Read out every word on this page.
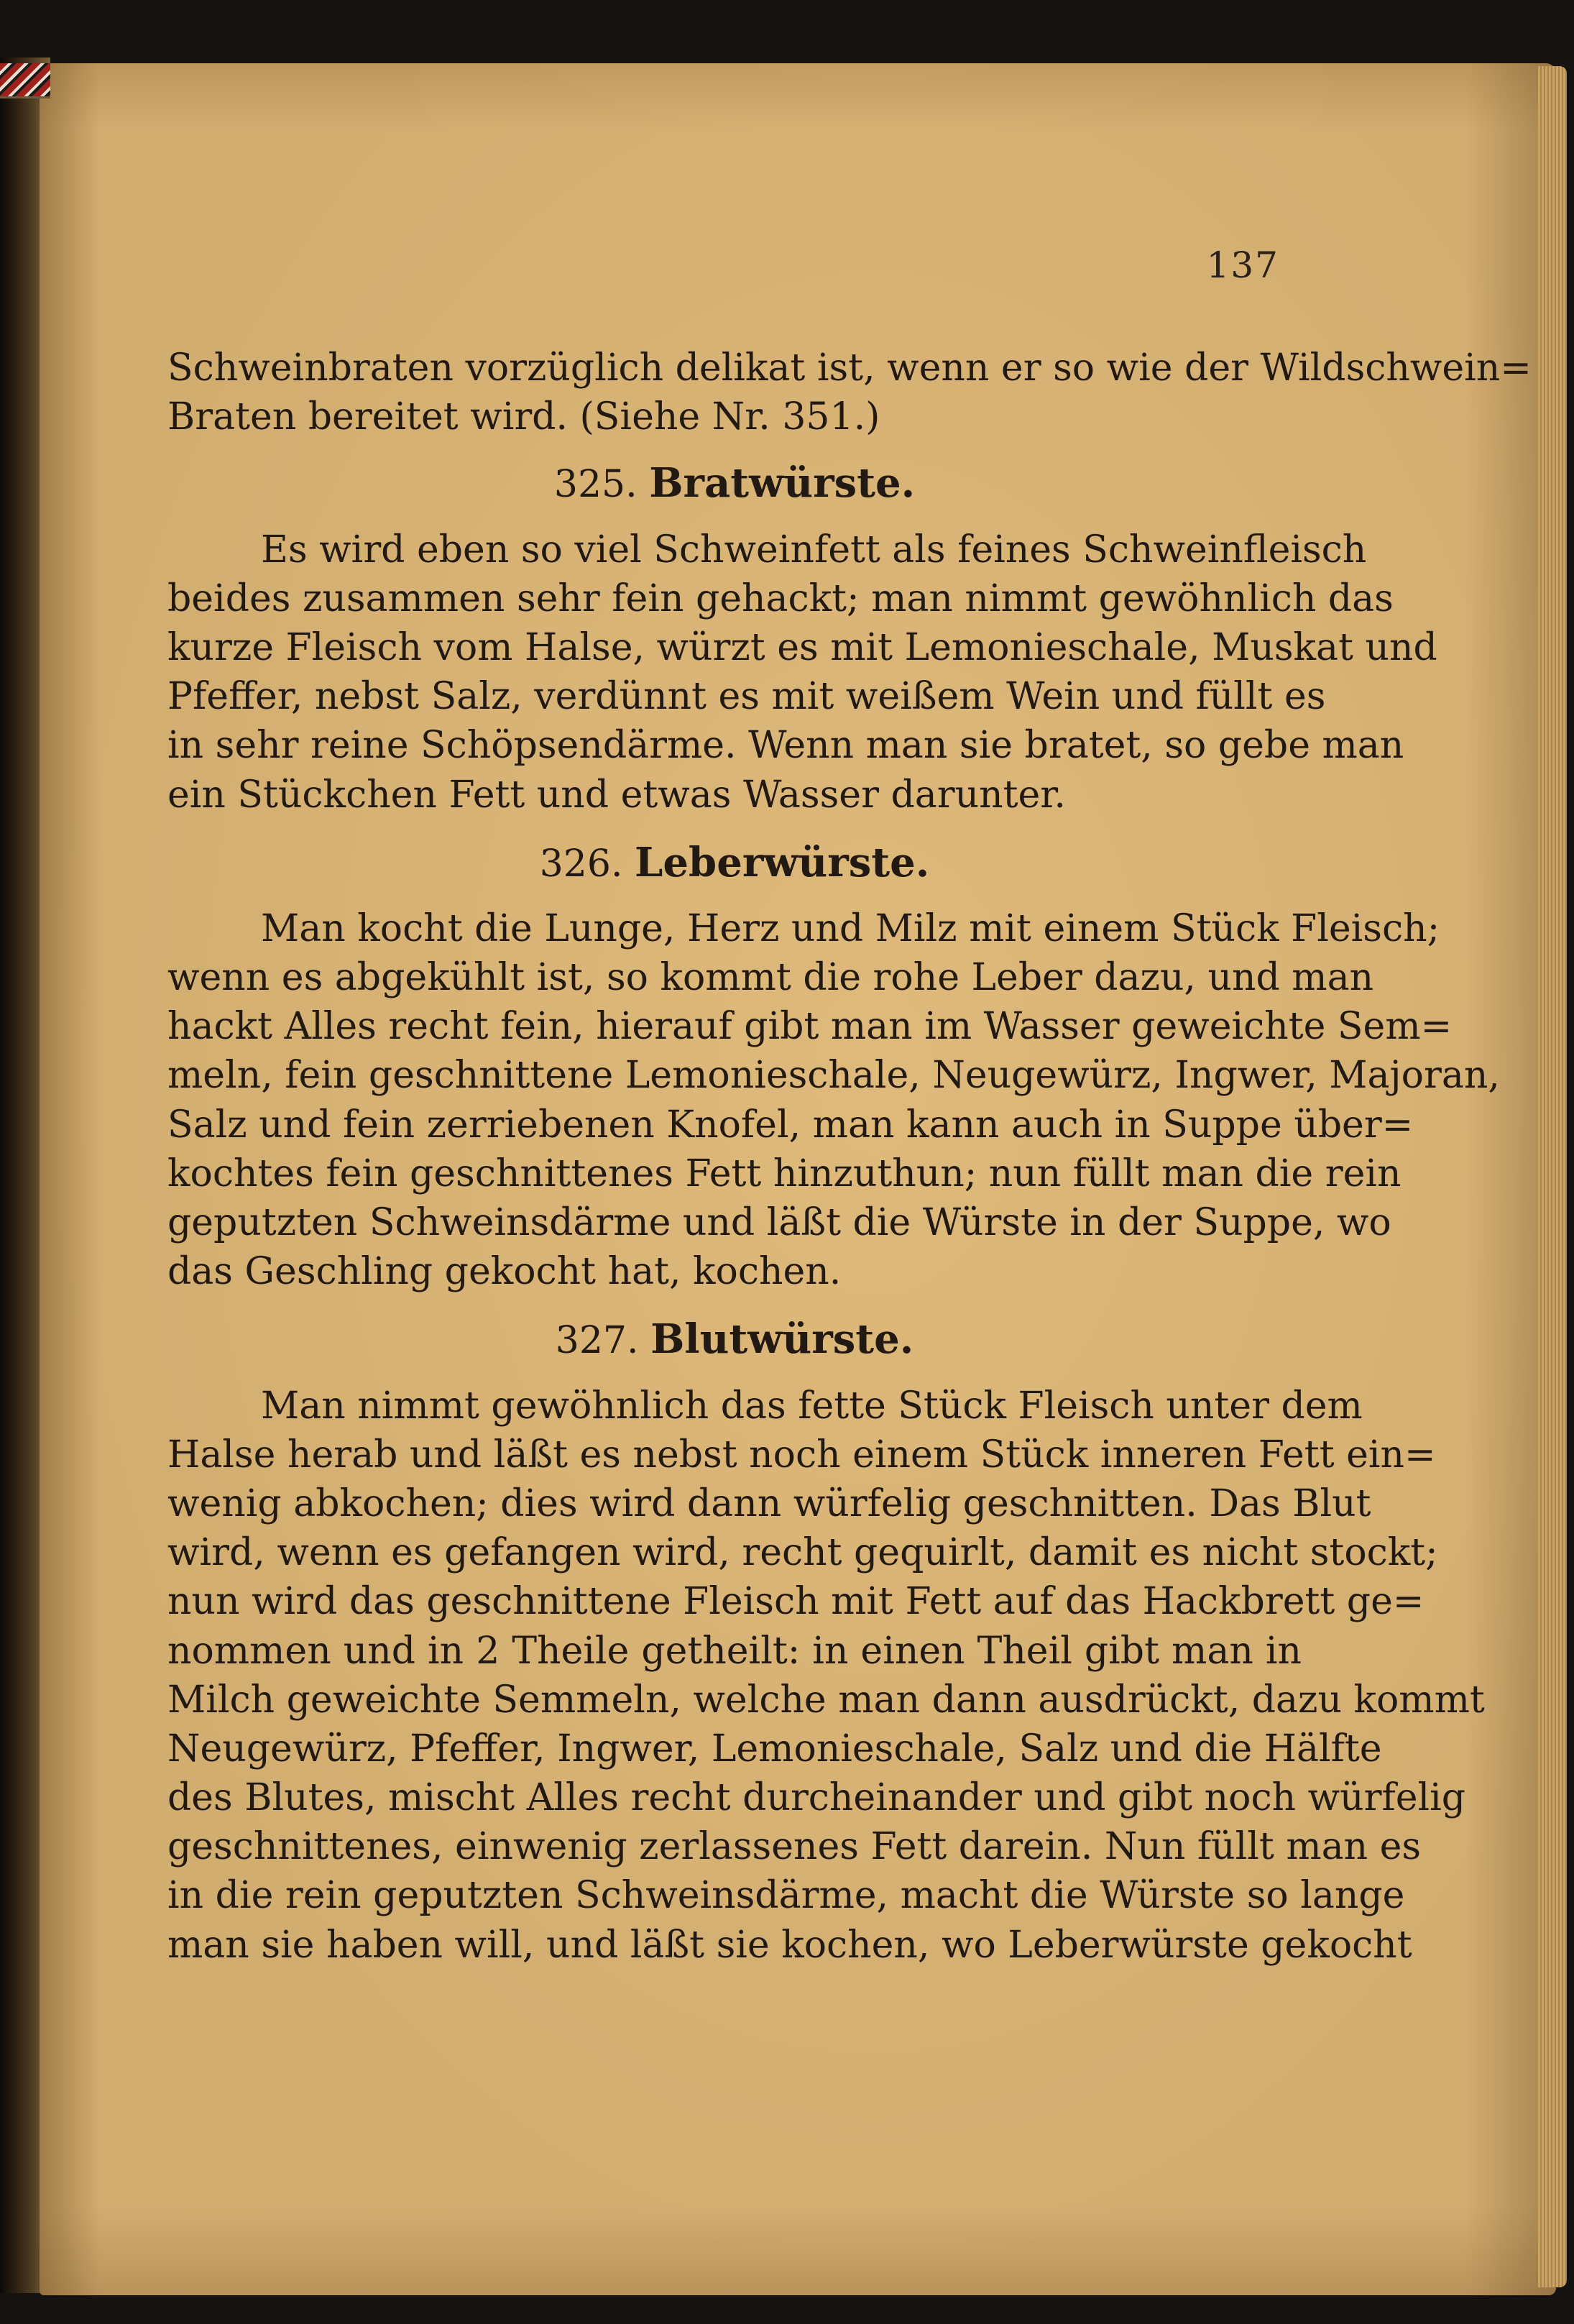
137
Schweinbraten vorzüglich delikat ist, wenn er so wie der Wildschwein=
Braten bereitet wird. (Siehe Nr. 351.)
325. Bratwürste.
Es wird eben so viel Schweinfett als feines Schweinfleisch
beides zusammen sehr fein gehackt; man nimmt gewöhnlich das
kurze Fleisch vom Halse, würzt es mit Lemonieschale, Muskat und
Pfeffer, nebst Salz, verdünnt es mit weißem Wein und füllt es
in sehr reine Schöpsendärme. Wenn man sie bratet, so gebe man
ein Stückchen Fett und etwas Wasser darunter.
326. Leberwürste.
Man kocht die Lunge, Herz und Milz mit einem Stück Fleisch;
wenn es abgekühlt ist, so kommt die rohe Leber dazu, und man
hackt Alles recht fein, hierauf gibt man im Wasser geweichte Sem=
meln, fein geschnittene Lemonieschale, Neugewürz, Ingwer, Majoran,
Salz und fein zerriebenen Knofel, man kann auch in Suppe über=
kochtes fein geschnittenes Fett hinzuthun; nun füllt man die rein
geputzten Schweinsdärme und läßt die Würste in der Suppe, wo
das Geschling gekocht hat, kochen.
327. Blutwürste.
Man nimmt gewöhnlich das fette Stück Fleisch unter dem
Halse herab und läßt es nebst noch einem Stück inneren Fett ein=
wenig abkochen; dies wird dann würfelig geschnitten. Das Blut
wird, wenn es gefangen wird, recht gequirlt, damit es nicht stockt;
nun wird das geschnittene Fleisch mit Fett auf das Hackbrett ge=
nommen und in 2 Theile getheilt: in einen Theil gibt man in
Milch geweichte Semmeln, welche man dann ausdrückt, dazu kommt
Neugewürz, Pfeffer, Ingwer, Lemonieschale, Salz und die Hälfte
des Blutes, mischt Alles recht durcheinander und gibt noch würfelig
geschnittenes, einwenig zerlassenes Fett darein. Nun füllt man es
in die rein geputzten Schweinsdärme, macht die Würste so lange
man sie haben will, und läßt sie kochen, wo Leberwürste gekocht
